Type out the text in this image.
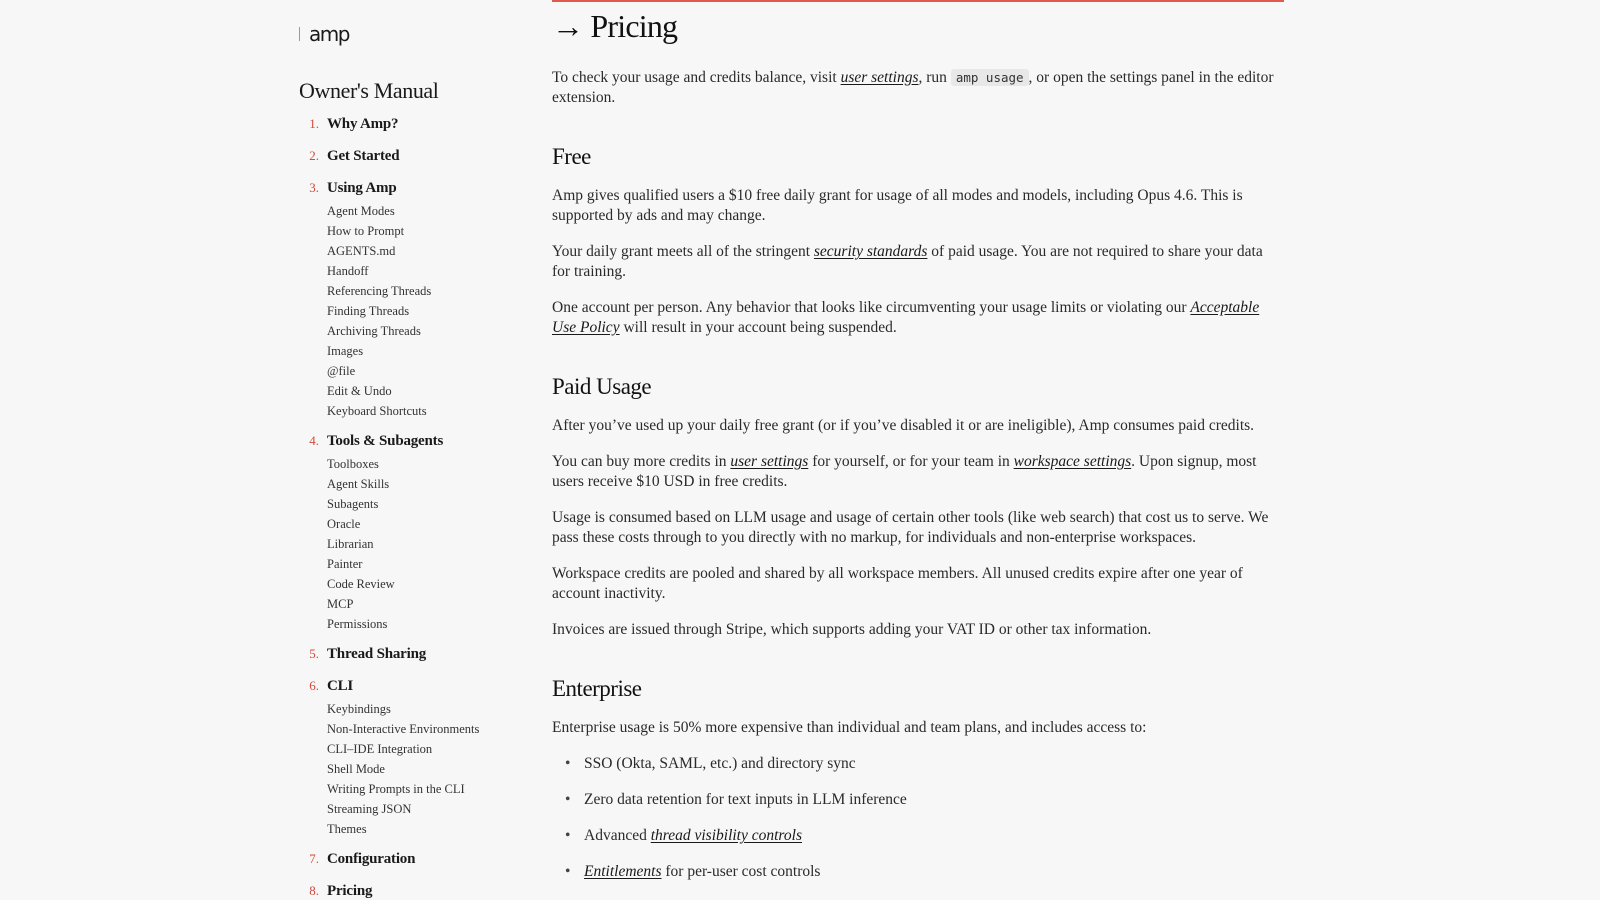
amp
Owner's Manual
1. Why Amp?
2. Get Started
3. Using Amp
Agent Modes
How to Prompt
AGENTS.md
Handoff
Referencing Threads
Finding Threads
Archiving Threads
Images
@file
Edit & Undo
Keyboard Shortcuts
4. Tools & Subagents
Toolboxes
Agent Skills
Subagents
Oracle
Librarian
Painter
Code Review
MCP
Permissions
5. Thread Sharing
6. CLI
Keybindings
Non-Interactive Environments
CLI–IDE Integration
Shell Mode
Writing Prompts in the CLI
Streaming JSON
Themes
7. Configuration
8. Pricing
→ Pricing

To check your usage and credits balance, visit user settings, run amp usage , or open the settings panel in the editor extension.

Free

Amp gives qualified users a $10 free daily grant for usage of all modes and models, including Opus 4.6. This is supported by ads and may change.

Your daily grant meets all of the stringent security standards of paid usage. You are not required to share your data for training.

One account per person. Any behavior that looks like circumventing your usage limits or violating our Acceptable Use Policy will result in your account being suspended.

Paid Usage

After you’ve used up your daily free grant (or if you’ve disabled it or are ineligible), Amp consumes paid credits.

You can buy more credits in user settings for yourself, or for your team in workspace settings. Upon signup, most users receive $10 USD in free credits.

Usage is consumed based on LLM usage and usage of certain other tools (like web search) that cost us to serve. We pass these costs through to you directly with no markup, for individuals and non-enterprise workspaces.

Workspace credits are pooled and shared by all workspace members. All unused credits expire after one year of account inactivity.

Invoices are issued through Stripe, which supports adding your VAT ID or other tax information.

Enterprise

Enterprise usage is 50% more expensive than individual and team plans, and includes access to:

• SSO (Okta, SAML, etc.) and directory sync
• Zero data retention for text inputs in LLM inference
• Advanced thread visibility controls
• Entitlements for per-user cost controls
